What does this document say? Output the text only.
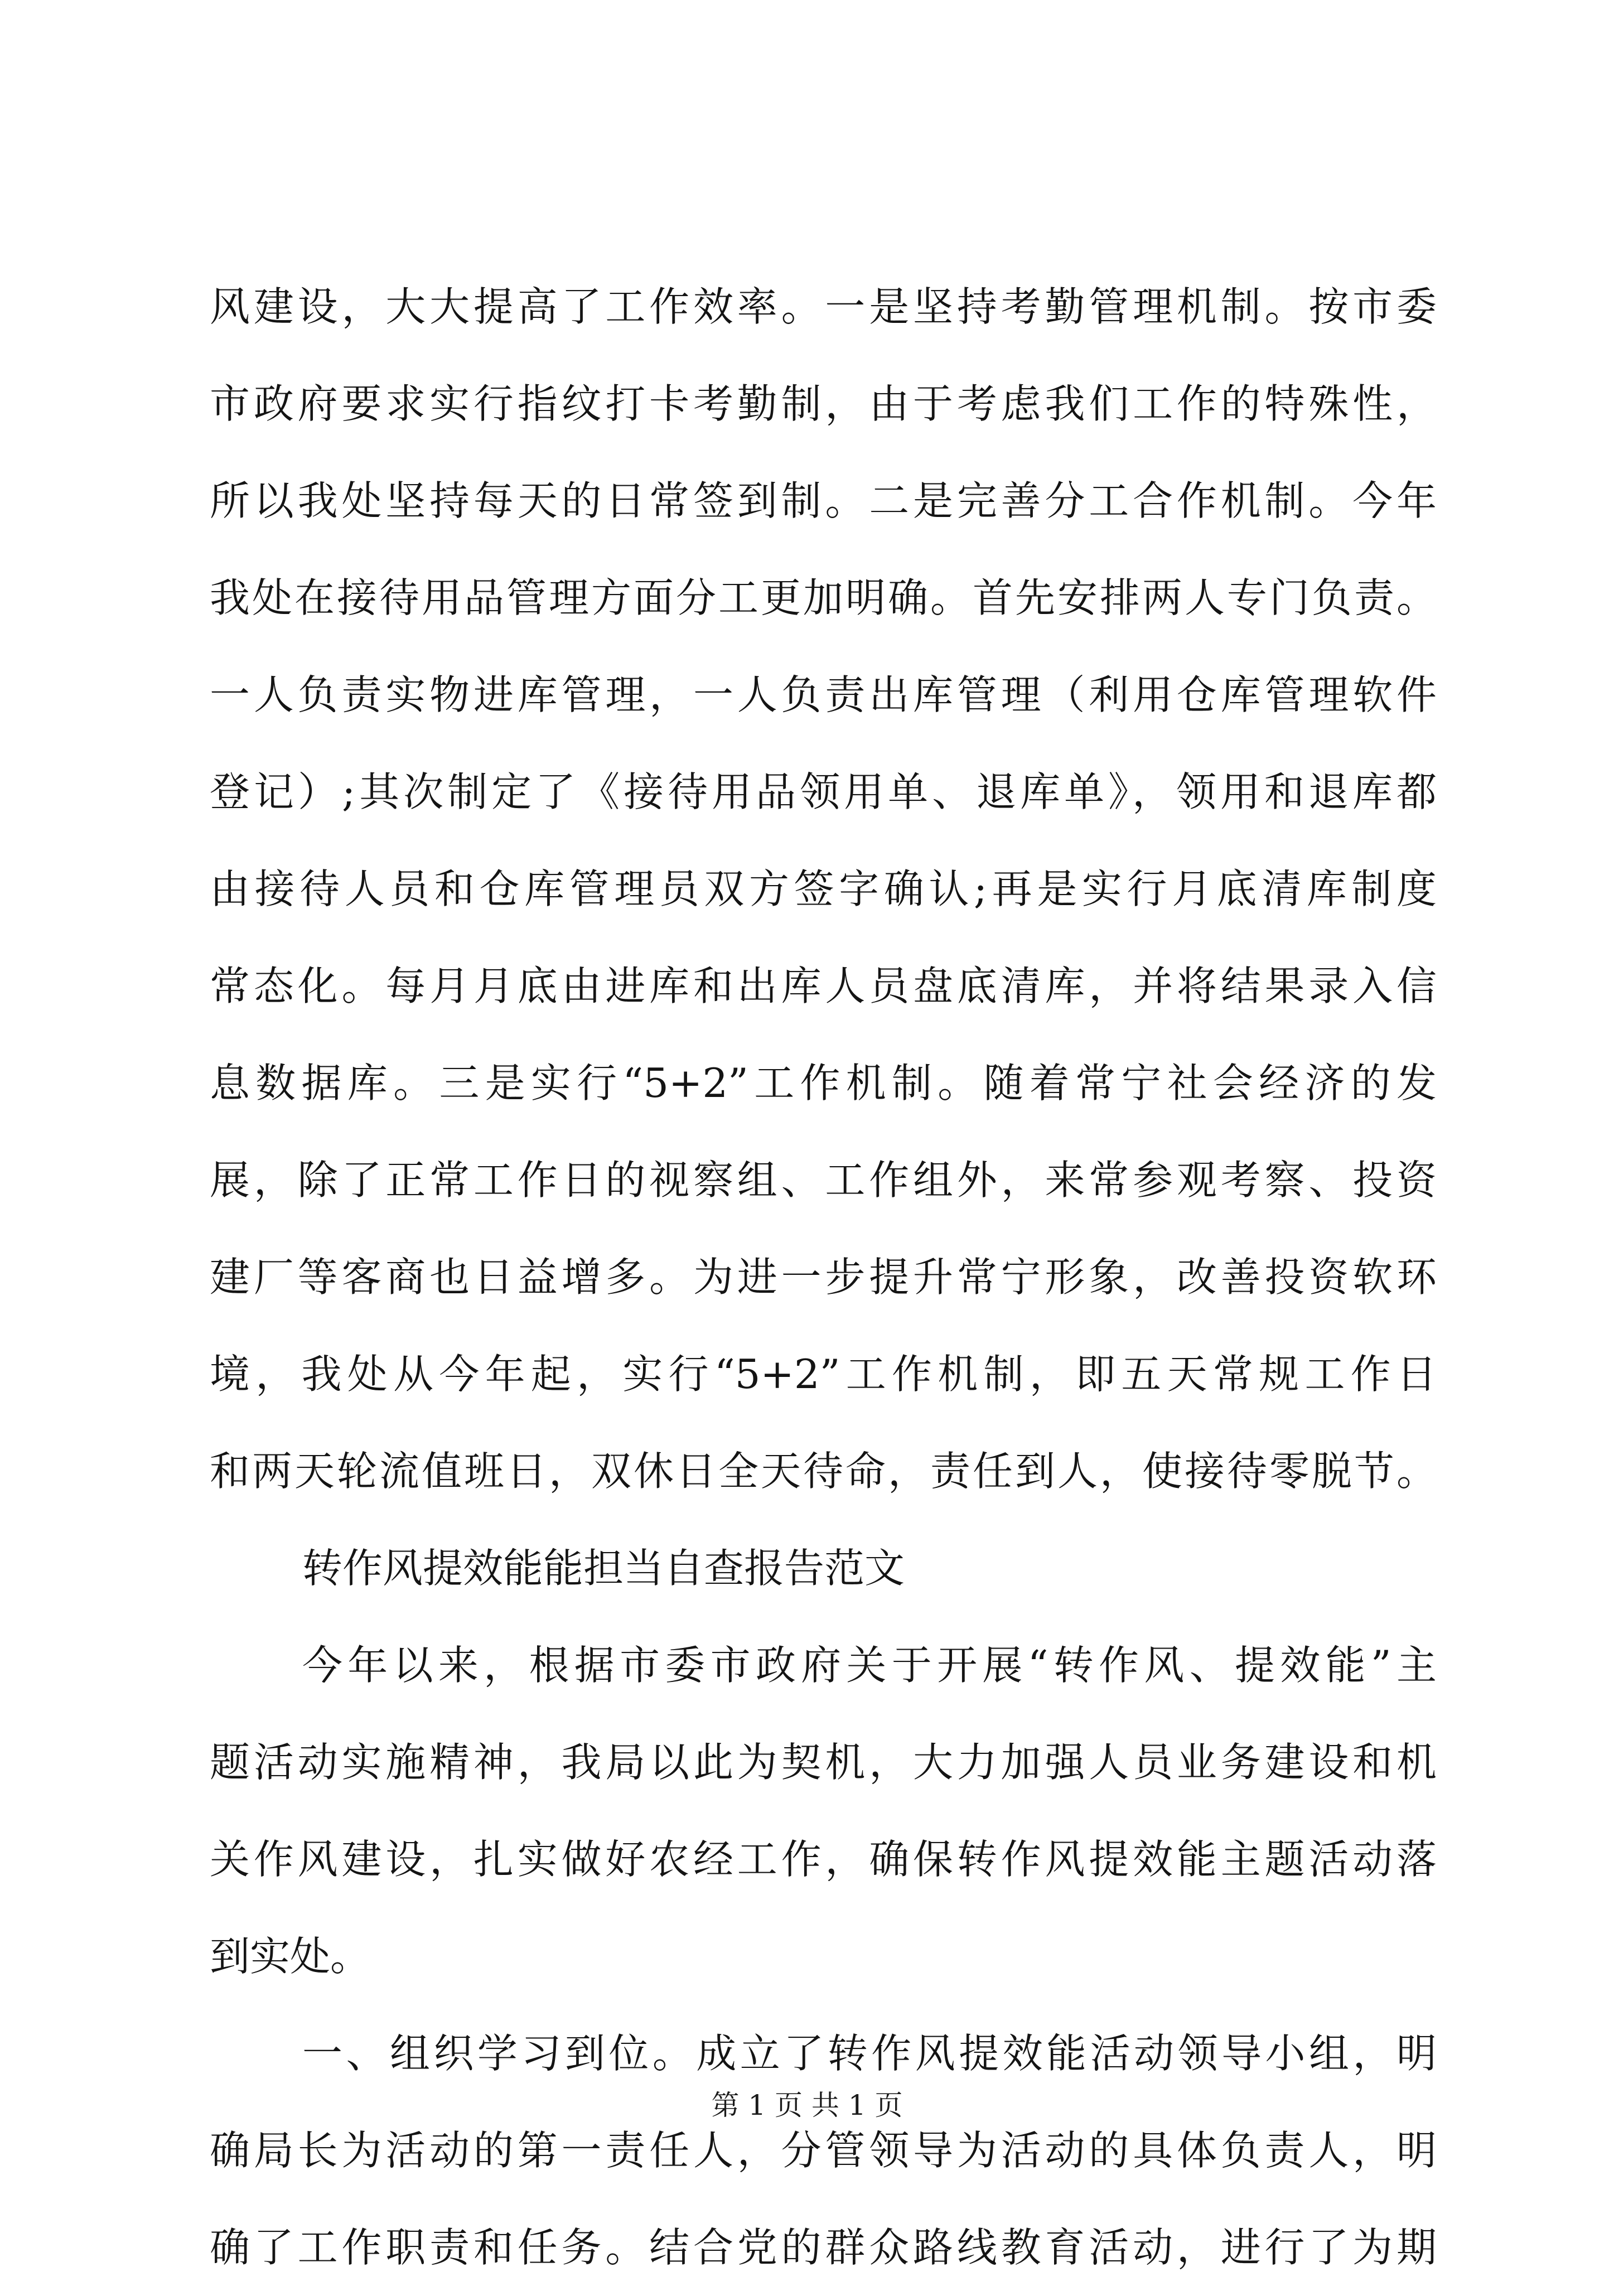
风建设，大大提高了工作效率。一是坚持考勤管理机制。按市委
市政府要求实行指纹打卡考勤制，由于考虑我们工作的特殊性，
所以我处坚持每天的日常签到制。二是完善分工合作机制。今年
我处在接待用品管理方面分工更加明确。首先安排两人专门负责。
一人负责实物进库管理，一人负责出库管理（利用仓库管理软件
登记）;其次制定了《接待用品领用单、退库单》，领用和退库都
由接待人员和仓库管理员双方签字确认;再是实行月底清库制度
常态化。每月月底由进库和出库人员盘底清库，并将结果录入信
息数据库。三是实行“5+2”工作机制。随着常宁社会经济的发
展，除了正常工作日的视察组、工作组外，来常参观考察、投资
建厂等客商也日益增多。为进一步提升常宁形象，改善投资软环
境，我处从今年起，实行“5+2”工作机制，即五天常规工作日
和两天轮流值班日，双休日全天待命，责任到人，使接待零脱节。
转作风提效能能担当自查报告范文
今年以来，根据市委市政府关于开展“转作风、提效能”主
题活动实施精神，我局以此为契机，大力加强人员业务建设和机
关作风建设，扎实做好农经工作，确保转作风提效能主题活动落
到实处。
一、组织学习到位。成立了转作风提效能活动领导小组，明
确局长为活动的第一责任人，分管领导为活动的具体负责人，明
确了工作职责和任务。结合党的群众路线教育活动，进行了为期
第 1 页 共 1 页
